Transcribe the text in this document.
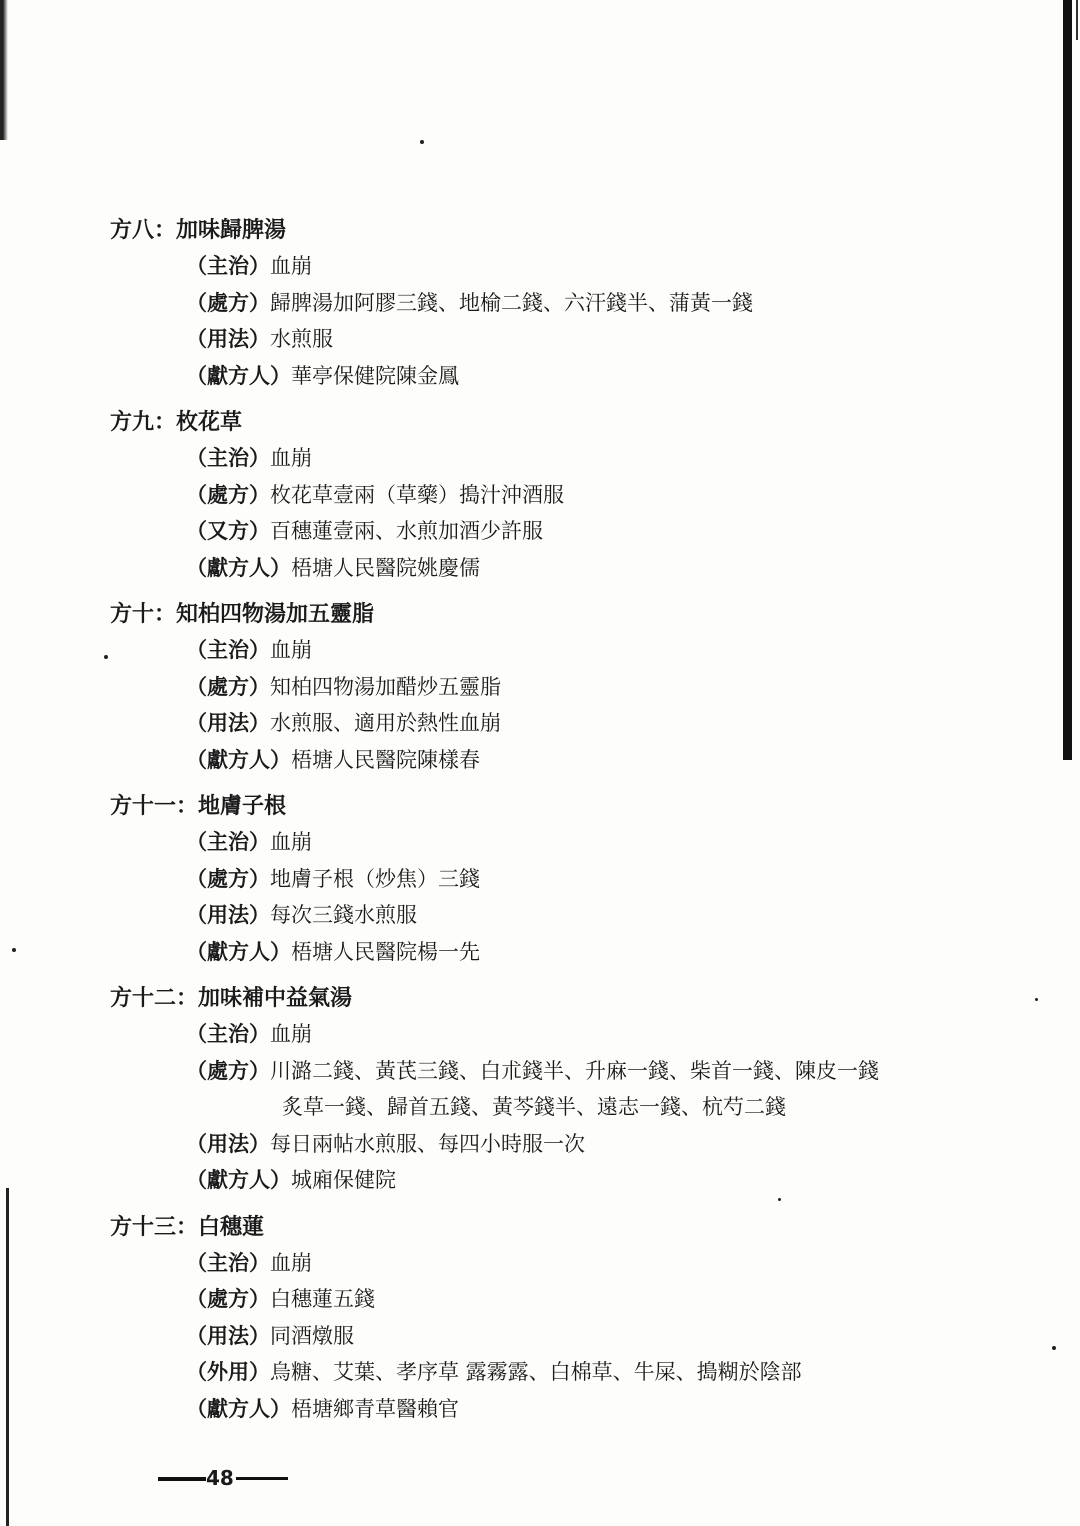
方八：加味歸脾湯
（主治）血崩
（處方）歸脾湯加阿膠三錢、地榆二錢、六汗錢半、蒲黃一錢
（用法）水煎服
（獻方人）華亭保健院陳金鳳
方九：枚花草
（主治）血崩
（處方）枚花草壹兩（草藥）搗汁沖酒服
（又方）百穗蓮壹兩、水煎加酒少許服
（獻方人）梧塘人民醫院姚慶儒
方十：知柏四物湯加五靈脂
（主治）血崩
（處方）知柏四物湯加醋炒五靈脂
（用法）水煎服、適用於熱性血崩
（獻方人）梧塘人民醫院陳樣春
方十一：地膚子根
（主治）血崩
（處方）地膚子根（炒焦）三錢
（用法）每次三錢水煎服
（獻方人）梧塘人民醫院楊一先
方十二：加味補中益氣湯
（主治）血崩
（處方）川潞二錢、黃芪三錢、白朮錢半、升麻一錢、柴首一錢、陳皮一錢
炙草一錢、歸首五錢、黃芩錢半、遠志一錢、杭芍二錢
（用法）每日兩帖水煎服、每四小時服一次
（獻方人）城廂保健院
方十三：白穗蓮
（主治）血崩
（處方）白穗蓮五錢
（用法）同酒燉服
（外用）烏糖、艾葉、孝序草 露霧露、白棉草、牛屎、搗糊於陰部
（獻方人）梧塘鄉青草醫賴官
48
